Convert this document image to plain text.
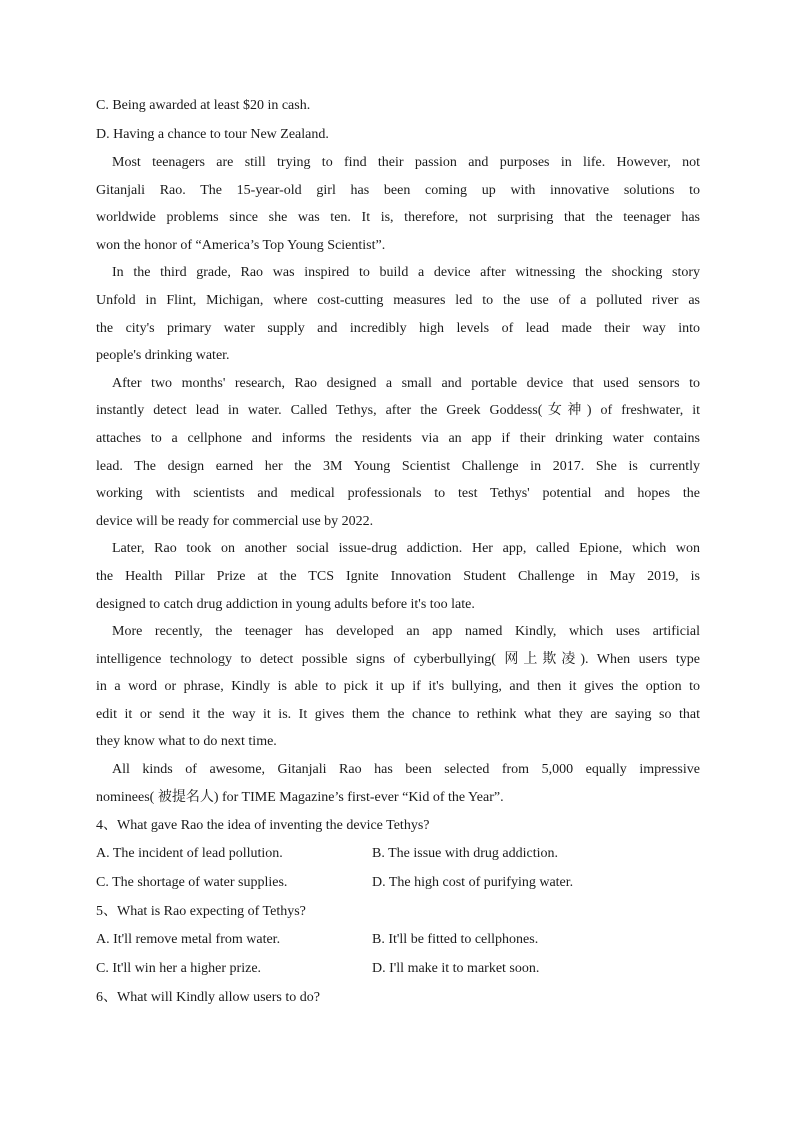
C. Being awarded at least $20 in cash.

D. Having a chance to tour New Zealand.

Most teenagers are still trying to find their passion and purposes in life. However, not

Gitanjali Rao. The 15-year-old girl has been coming up with innovative solutions to

worldwide problems since she was ten. It is, therefore, not surprising that the teenager has

won the honor of “America’s Top Young Scientist”.

In the third grade, Rao was inspired to build a device after witnessing the shocking story

Unfold in Flint, Michigan, where cost-cutting measures led to the use of a polluted river as

the city's primary water supply and incredibly high levels of lead made their way into

people's drinking water.

After two months' research, Rao designed a small and portable device that used sensors to

instantly detect lead in water. Called Tethys, after the Greek Goddess(女神) of freshwater, it

attaches to a cellphone and informs the residents via an app if their drinking water contains

lead. The design earned her the 3M Young Scientist Challenge in 2017. She is currently

working with scientists and medical professionals to test Tethys' potential and hopes the

device will be ready for commercial use by 2022.

Later, Rao took on another social issue-drug addiction. Her app, called Epione, which won

the Health Pillar Prize at the TCS Ignite Innovation Student Challenge in May 2019, is

designed to catch drug addiction in young adults before it's too late.

More recently, the teenager has developed an app named Kindly, which uses artificial

intelligence technology to detect possible signs of cyberbullying( 网上欺凌). When users type

in a word or phrase, Kindly is able to pick it up if it's bullying, and then it gives the option to

edit it or send it the way it is. It gives them the chance to rethink what they are saying so that

they know what to do next time.

All kinds of awesome, Gitanjali Rao has been selected from 5,000 equally impressive

nominees( 被提名人) for TIME Magazine’s first-ever “Kid of the Year”.

4、What gave Rao the idea of inventing the device Tethys?

A. The incident of lead pollution.	B. The issue with drug addiction.

C. The shortage of water supplies.	D. The high cost of purifying water.

5、What is Rao expecting of Tethys?

A. It'll remove metal from water.	B. It'll be fitted to cellphones.

C. It'll win her a higher prize.	D. I'll make it to market soon.

6、What will Kindly allow users to do?
